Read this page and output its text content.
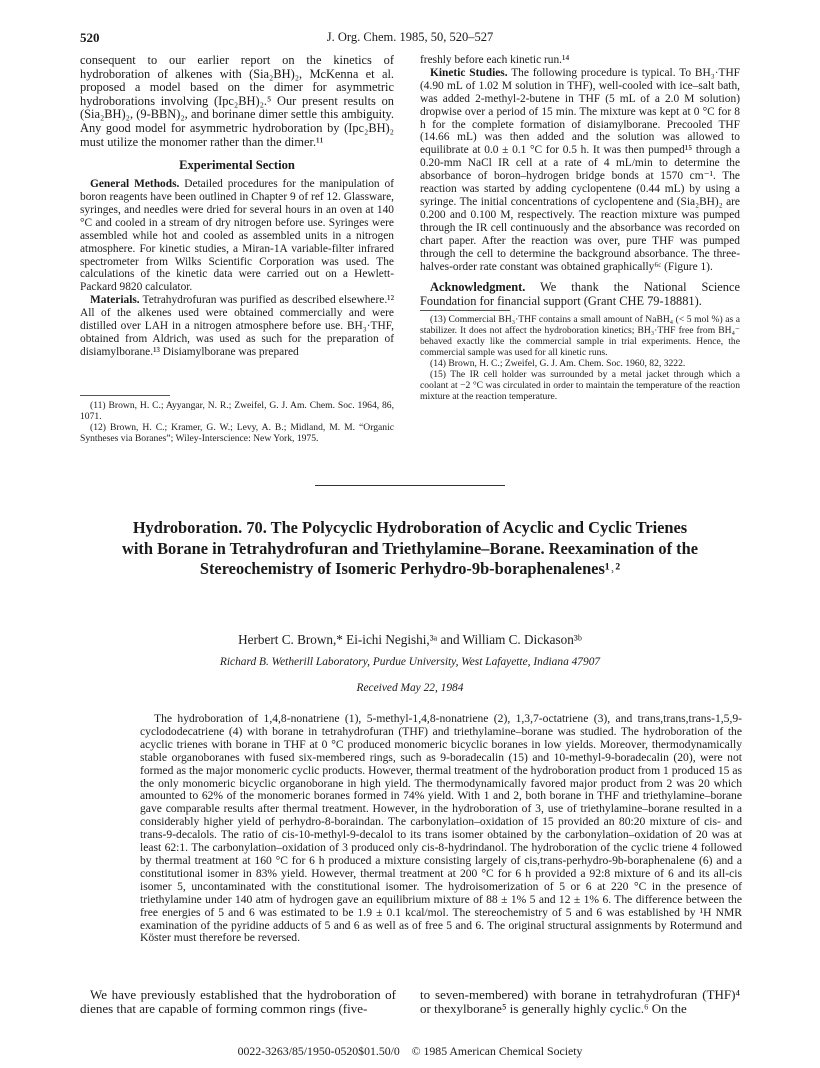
520	J. Org. Chem. 1985, 50, 520–527

consequent to our earlier report on the kinetics of hydroboration of alkenes with (Sia₂BH)₂, McKenna et al. proposed a model based on the dimer for asymmetric hydroborations involving (Ipc₂BH)₂.⁵ Our present results on (Sia₂BH)₂, (9-BBN)₂, and borinane dimer settle this ambiguity. Any good model for asymmetric hydroboration by (Ipc₂BH)₂ must utilize the monomer rather than the dimer.¹¹

Experimental Section

General Methods. Detailed procedures for the manipulation of boron reagents have been outlined in Chapter 9 of ref 12. Glassware, syringes, and needles were dried for several hours in an oven at 140 °C and cooled in a stream of dry nitrogen before use. Syringes were assembled while hot and cooled as assembled units in a nitrogen atmosphere. For kinetic studies, a Miran-1A variable-filter infrared spectrometer from Wilks Scientific Corporation was used. The calculations of the kinetic data were carried out on a Hewlett-Packard 9820 calculator.

Materials. Tetrahydrofuran was purified as described elsewhere.¹² All of the alkenes used were obtained commercially and were distilled over LAH in a nitrogen atmosphere before use. BH₃·THF, obtained from Aldrich, was used as such for the preparation of disiamylborane.¹³ Disiamylborane was prepared

(11) Brown, H. C.; Ayyangar, N. R.; Zweifel, G. J. Am. Chem. Soc. 1964, 86, 1071.

(12) Brown, H. C.; Kramer, G. W.; Levy, A. B.; Midland, M. M. “Organic Syntheses via Boranes”; Wiley-Interscience: New York, 1975.

freshly before each kinetic run.¹⁴

Kinetic Studies. The following procedure is typical. To BH₃·THF (4.90 mL of 1.02 M solution in THF), well-cooled with ice–salt bath, was added 2-methyl-2-butene in THF (5 mL of a 2.0 M solution) dropwise over a period of 15 min. The mixture was kept at 0 °C for 8 h for the complete formation of disiamylborane. Precooled THF (14.66 mL) was then added and the solution was allowed to equilibrate at 0.0 ± 0.1 °C for 0.5 h. It was then pumped¹⁵ through a 0.20-mm NaCl IR cell at a rate of 4 mL/min to determine the absorbance of boron–hydrogen bridge bonds at 1570 cm⁻¹. The reaction was started by adding cyclopentene (0.44 mL) by using a syringe. The initial concentrations of cyclopentene and (Sia₂BH)₂ are 0.200 and 0.100 M, respectively. The reaction mixture was pumped through the IR cell continuously and the absorbance was recorded on chart paper. After the reaction was over, pure THF was pumped through the cell to determine the background absorbance. The three-halves-order rate constant was obtained graphically⁶ᶜ (Figure 1).

Acknowledgment. We thank the National Science Foundation for financial support (Grant CHE 79-18881).

(13) Commercial BH₃·THF contains a small amount of NaBH₄ (< 5 mol %) as a stabilizer. It does not affect the hydroboration kinetics; BH₃·THF free from BH₄⁻ behaved exactly like the commercial sample in trial experiments. Hence, the commercial sample was used for all kinetic runs.

(14) Brown, H. C.; Zweifel, G. J. Am. Chem. Soc. 1960, 82, 3222.

(15) The IR cell holder was surrounded by a metal jacket through which a coolant at −2 °C was circulated in order to maintain the temperature of the reaction mixture at the reaction temperature.

Hydroboration. 70. The Polycyclic Hydroboration of Acyclic and Cyclic Trienes with Borane in Tetrahydrofuran and Triethylamine–Borane. Reexamination of the Stereochemistry of Isomeric Perhydro-9b-boraphenalenes¹˒²
Herbert C. Brown,* Ei-ichi Negishi,³ᵃ and William C. Dickason³ᵇ
Richard B. Wetherill Laboratory, Purdue University, West Lafayette, Indiana 47907
Received May 22, 1984

The hydroboration of 1,4,8-nonatriene (1), 5-methyl-1,4,8-nonatriene (2), 1,3,7-octatriene (3), and trans,trans,trans-1,5,9-cyclododecatriene (4) with borane in tetrahydrofuran (THF) and triethylamine–borane was studied. The hydroboration of the acyclic trienes with borane in THF at 0 °C produced monomeric bicyclic boranes in low yields. Moreover, thermodynamically stable organoboranes with fused six-membered rings, such as 9-boradecalin (15) and 10-methyl-9-boradecalin (20), were not formed as the major monomeric cyclic products. However, thermal treatment of the hydroboration product from 1 produced 15 as the only monomeric bicyclic organoborane in high yield. The thermodynamically favored major product from 2 was 20 which amounted to 62% of the monomeric boranes formed in 74% yield. With 1 and 2, both borane in THF and triethylamine–borane gave comparable results after thermal treatment. However, in the hydroboration of 3, use of triethylamine–borane resulted in a considerably higher yield of perhydro-8-boraindan. The carbonylation–oxidation of 15 provided an 80:20 mixture of cis- and trans-9-decalols. The ratio of cis-10-methyl-9-decalol to its trans isomer obtained by the carbonylation–oxidation of 20 was at least 62:1. The carbonylation–oxidation of 3 produced only cis-8-hydrindanol. The hydroboration of the cyclic triene 4 followed by thermal treatment at 160 °C for 6 h produced a mixture consisting largely of cis,trans-perhydro-9b-boraphenalene (6) and a constitutional isomer in 83% yield. However, thermal treatment at 200 °C for 6 h provided a 92:8 mixture of 6 and its all-cis isomer 5, uncontaminated with the constitutional isomer. The hydroisomerization of 5 or 6 at 220 °C in the presence of triethylamine under 140 atm of hydrogen gave an equilibrium mixture of 88 ± 1% 5 and 12 ± 1% 6. The difference between the free energies of 5 and 6 was estimated to be 1.9 ± 0.1 kcal/mol. The stereochemistry of 5 and 6 was established by ¹H NMR examination of the pyridine adducts of 5 and 6 as well as of free 5 and 6. The original structural assignments by Rotermund and Köster must therefore be reversed.

We have previously established that the hydroboration of dienes that are capable of forming common rings (five-

to seven-membered) with borane in tetrahydrofuran (THF)⁴ or thexylborane⁵ is generally highly cyclic.⁶ On the

0022-3263/85/1950-0520$01.50/0    © 1985 American Chemical Society
